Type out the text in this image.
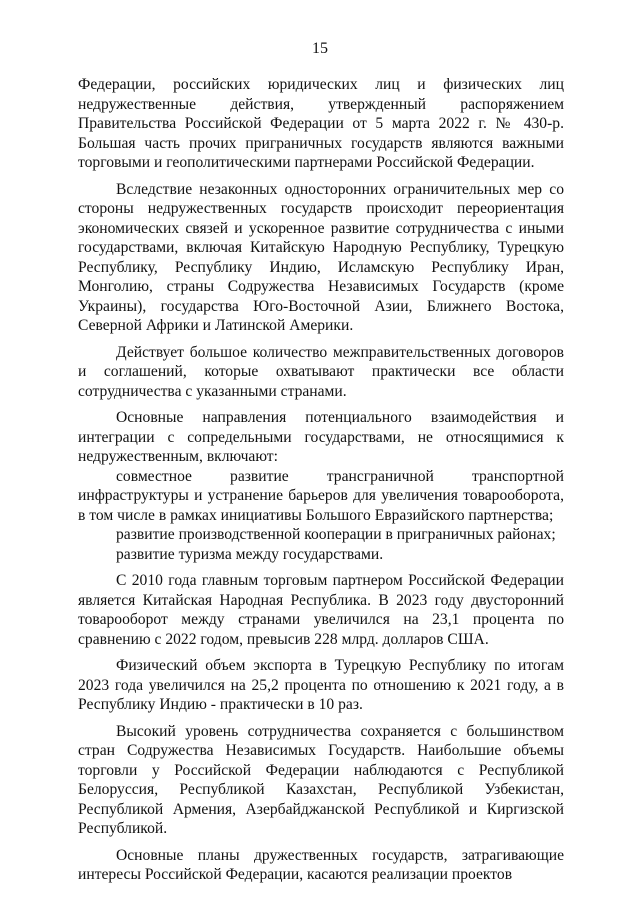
15

Федерации, российских юридических лиц и физических лиц недружественные действия, утвержденный распоряжением Правительства Российской Федерации от 5 марта 2022 г. № 430-р. Большая часть прочих приграничных государств являются важными торговыми и геополитическими партнерами Российской Федерации.

Вследствие незаконных односторонних ограничительных мер со стороны недружественных государств происходит переориентация экономических связей и ускоренное развитие сотрудничества с иными государствами, включая Китайскую Народную Республику, Турецкую Республику, Республику Индию, Исламскую Республику Иран, Монголию, страны Содружества Независимых Государств (кроме Украины), государства Юго-Восточной Азии, Ближнего Востока, Северной Африки и Латинской Америки.

Действует большое количество межправительственных договоров и соглашений, которые охватывают практически все области сотрудничества с указанными странами.

Основные направления потенциального взаимодействия и интеграции с сопредельными государствами, не относящимися к недружественным, включают:

совместное развитие трансграничной транспортной инфраструктуры и устранение барьеров для увеличения товарооборота, в том числе в рамках инициативы Большого Евразийского партнерства;

развитие производственной кооперации в приграничных районах;

развитие туризма между государствами.

С 2010 года главным торговым партнером Российской Федерации является Китайская Народная Республика. В 2023 году двусторонний товарооборот между странами увеличился на 23,1 процента по сравнению с 2022 годом, превысив 228 млрд. долларов США.

Физический объем экспорта в Турецкую Республику по итогам 2023 года увеличился на 25,2 процента по отношению к 2021 году, а в Республику Индию - практически в 10 раз.

Высокий уровень сотрудничества сохраняется с большинством стран Содружества Независимых Государств. Наибольшие объемы торговли у Российской Федерации наблюдаются с Республикой Белоруссия, Республикой Казахстан, Республикой Узбекистан, Республикой Армения, Азербайджанской Республикой и Киргизской Республикой.

Основные планы дружественных государств, затрагивающие интересы Российской Федерации, касаются реализации проектов
